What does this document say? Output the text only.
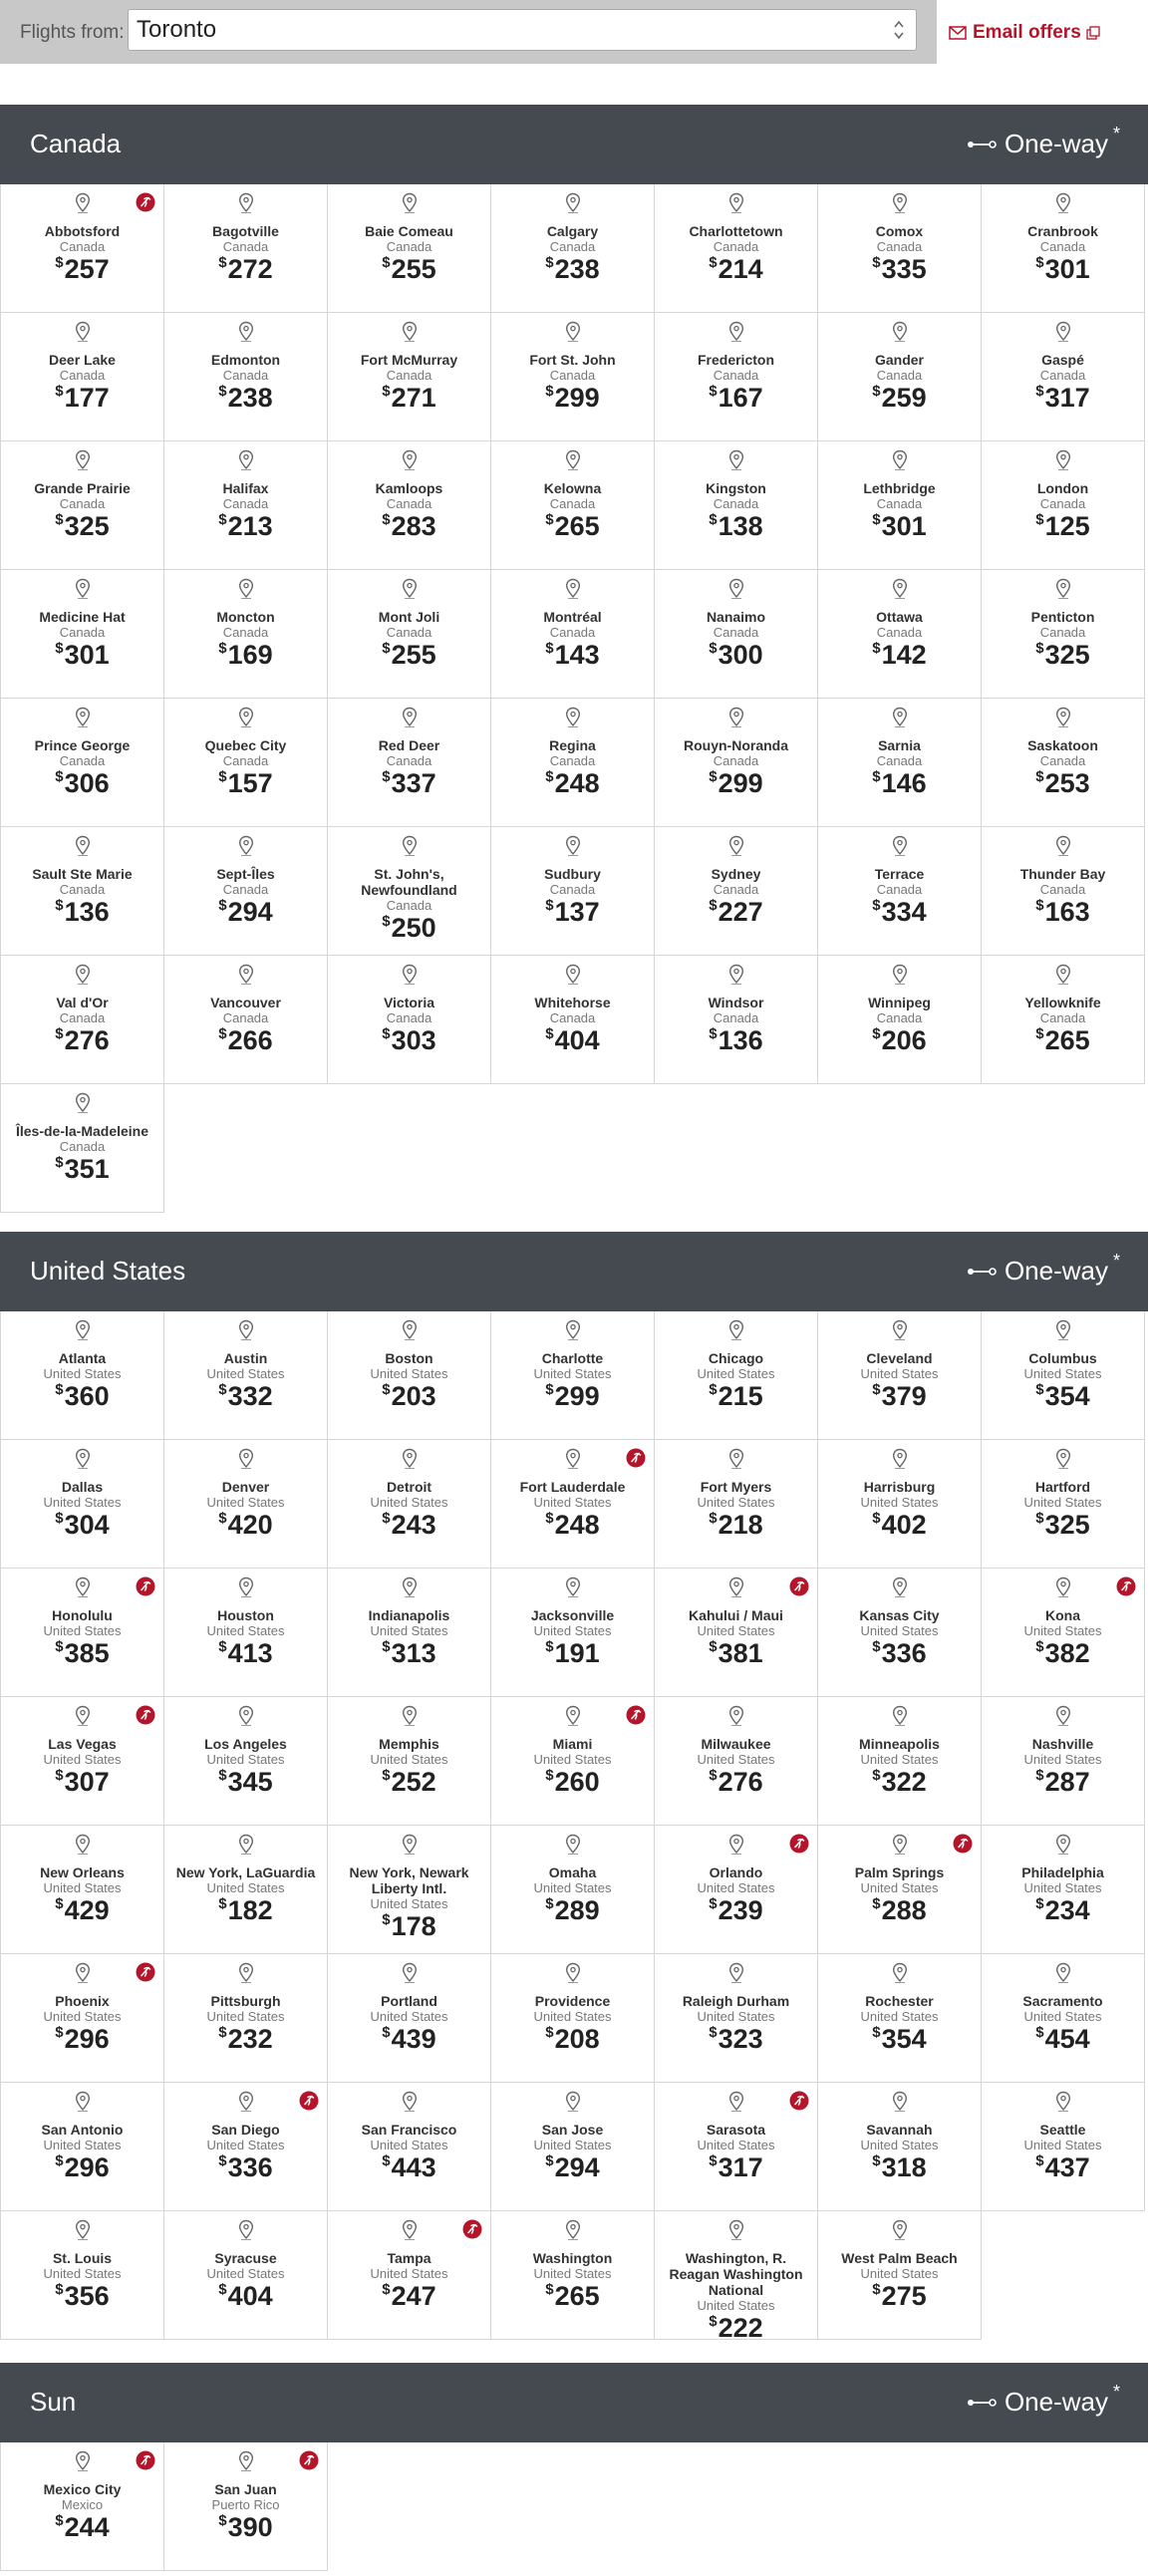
Flights from: Toronto	Email offers
Canada	One-way *
Abbotsford
Canada
$257
Bagotville
Canada
$272
Baie Comeau
Canada
$255
Calgary
Canada
$238
Charlottetown
Canada
$214
Comox
Canada
$335
Cranbrook
Canada
$301
Deer Lake
Canada
$177
Edmonton
Canada
$238
Fort McMurray
Canada
$271
Fort St. John
Canada
$299
Fredericton
Canada
$167
Gander
Canada
$259
Gaspé
Canada
$317
Grande Prairie
Canada
$325
Halifax
Canada
$213
Kamloops
Canada
$283
Kelowna
Canada
$265
Kingston
Canada
$138
Lethbridge
Canada
$301
London
Canada
$125
Medicine Hat
Canada
$301
Moncton
Canada
$169
Mont Joli
Canada
$255
Montréal
Canada
$143
Nanaimo
Canada
$300
Ottawa
Canada
$142
Penticton
Canada
$325
Prince George
Canada
$306
Quebec City
Canada
$157
Red Deer
Canada
$337
Regina
Canada
$248
Rouyn-Noranda
Canada
$299
Sarnia
Canada
$146
Saskatoon
Canada
$253
Sault Ste Marie
Canada
$136
Sept-Îles
Canada
$294
St. John's, Newfoundland
Canada
$250
Sudbury
Canada
$137
Sydney
Canada
$227
Terrace
Canada
$334
Thunder Bay
Canada
$163
Val d'Or
Canada
$276
Vancouver
Canada
$266
Victoria
Canada
$303
Whitehorse
Canada
$404
Windsor
Canada
$136
Winnipeg
Canada
$206
Yellowknife
Canada
$265
Îles-de-la-Madeleine
Canada
$351
United States	One-way *
Atlanta
United States
$360
Austin
United States
$332
Boston
United States
$203
Charlotte
United States
$299
Chicago
United States
$215
Cleveland
United States
$379
Columbus
United States
$354
Dallas
United States
$304
Denver
United States
$420
Detroit
United States
$243
Fort Lauderdale
United States
$248
Fort Myers
United States
$218
Harrisburg
United States
$402
Hartford
United States
$325
Honolulu
United States
$385
Houston
United States
$413
Indianapolis
United States
$313
Jacksonville
United States
$191
Kahului / Maui
United States
$381
Kansas City
United States
$336
Kona
United States
$382
Las Vegas
United States
$307
Los Angeles
United States
$345
Memphis
United States
$252
Miami
United States
$260
Milwaukee
United States
$276
Minneapolis
United States
$322
Nashville
United States
$287
New Orleans
United States
$429
New York, LaGuardia
United States
$182
New York, Newark Liberty Intl.
United States
$178
Omaha
United States
$289
Orlando
United States
$239
Palm Springs
United States
$288
Philadelphia
United States
$234
Phoenix
United States
$296
Pittsburgh
United States
$232
Portland
United States
$439
Providence
United States
$208
Raleigh Durham
United States
$323
Rochester
United States
$354
Sacramento
United States
$454
San Antonio
United States
$296
San Diego
United States
$336
San Francisco
United States
$443
San Jose
United States
$294
Sarasota
United States
$317
Savannah
United States
$318
Seattle
United States
$437
St. Louis
United States
$356
Syracuse
United States
$404
Tampa
United States
$247
Washington
United States
$265
Washington, R. Reagan Washington National
United States
$222
West Palm Beach
United States
$275
Sun	One-way *
Mexico City
Mexico
$244
San Juan
Puerto Rico
$390
